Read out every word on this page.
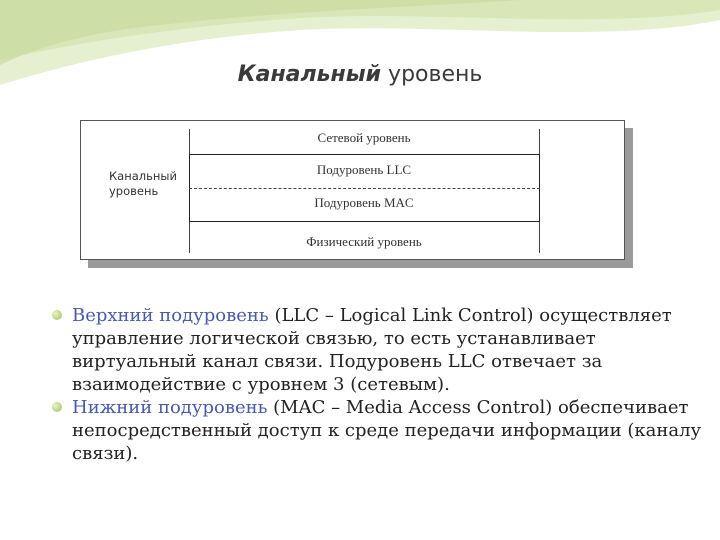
Канальный уровень
Канальный уровень
Сетевой уровень
Подуровень LLC
Подуровень MAC
Физический уровень
Верхний подуровень (LLC – Logical Link Control) осуществляет управление логической связью, то есть устанавливает виртуальный канал связи. Подуровень LLC отвечает за взаимодействие с уровнем 3 (сетевым).
Нижний подуровень (MAC – Media Access Control) обеспечивает непосредственный доступ к среде передачи информации (каналу связи).
